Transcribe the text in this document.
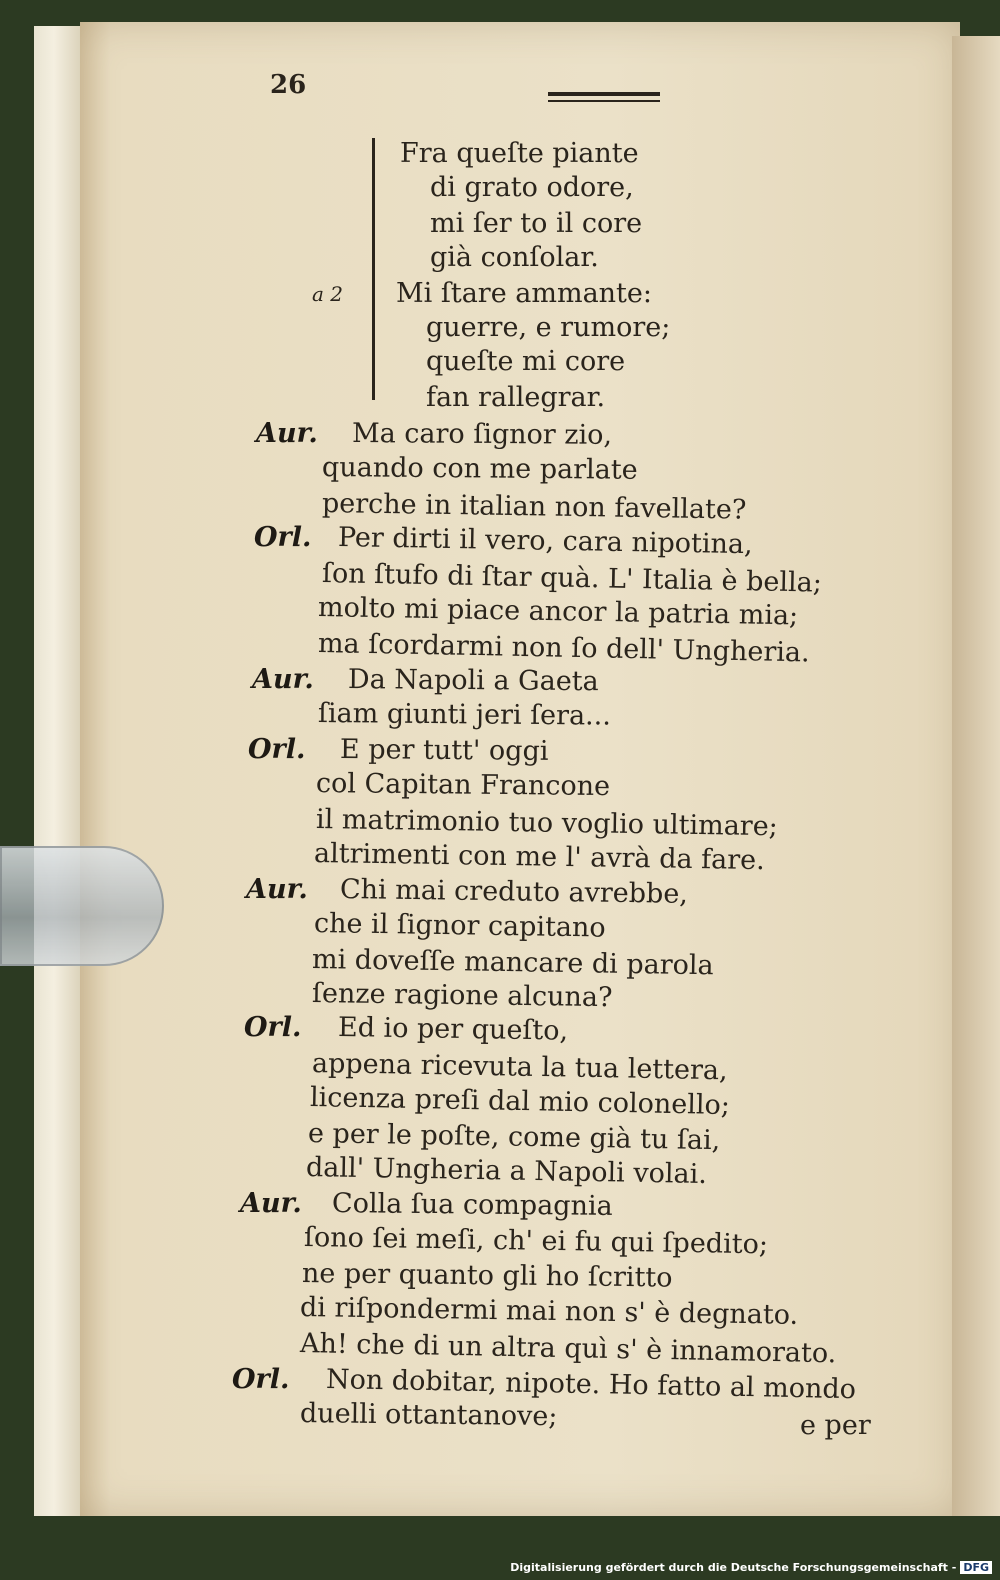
26
Fra queſte piante
di grato odore,
mi ſer to il core
già conſolar.
Mi ſtare ammante:
a 2
guerre, e rumore;
queſte mi core
fan rallegrar.
Ma caro ſignor zio,
Aur.
quando con me parlate
perche in italian non favellate?
Per dirti il vero, cara nipotina,
Orl.
ſon ſtufo di ſtar quà. L' Italia è bella;
molto mi piace ancor la patria mia;
ma ſcordarmi non ſo dell' Ungheria.
Da Napoli a Gaeta
Aur.
ſiam giunti jeri ſera...
E per tutt' oggi
Orl.
col Capitan Francone
il matrimonio tuo voglio ultimare;
altrimenti con me l' avrà da fare.
Chi mai creduto avrebbe,
Aur.
che il ſignor capitano
mi doveſſe mancare di parola
ſenze ragione alcuna?
Ed io per queſto,
Orl.
appena ricevuta la tua lettera,
licenza preſi dal mio colonello;
e per le poſte, come già tu ſai,
dall' Ungheria a Napoli volai.
Colla ſua compagnia
Aur.
ſono ſei meſi, ch' ei fu qui ſpedito;
ne per quanto gli ho ſcritto
di riſpondermi mai non s' è degnato.
Ah! che di un altra quì s' è innamorato.
Non dobitar, nipote. Ho fatto al mondo
Orl.
duelli ottantanove;	e per
Digitalisierung gefördert durch die Deutsche Forschungsgemeinschaft - DFG
